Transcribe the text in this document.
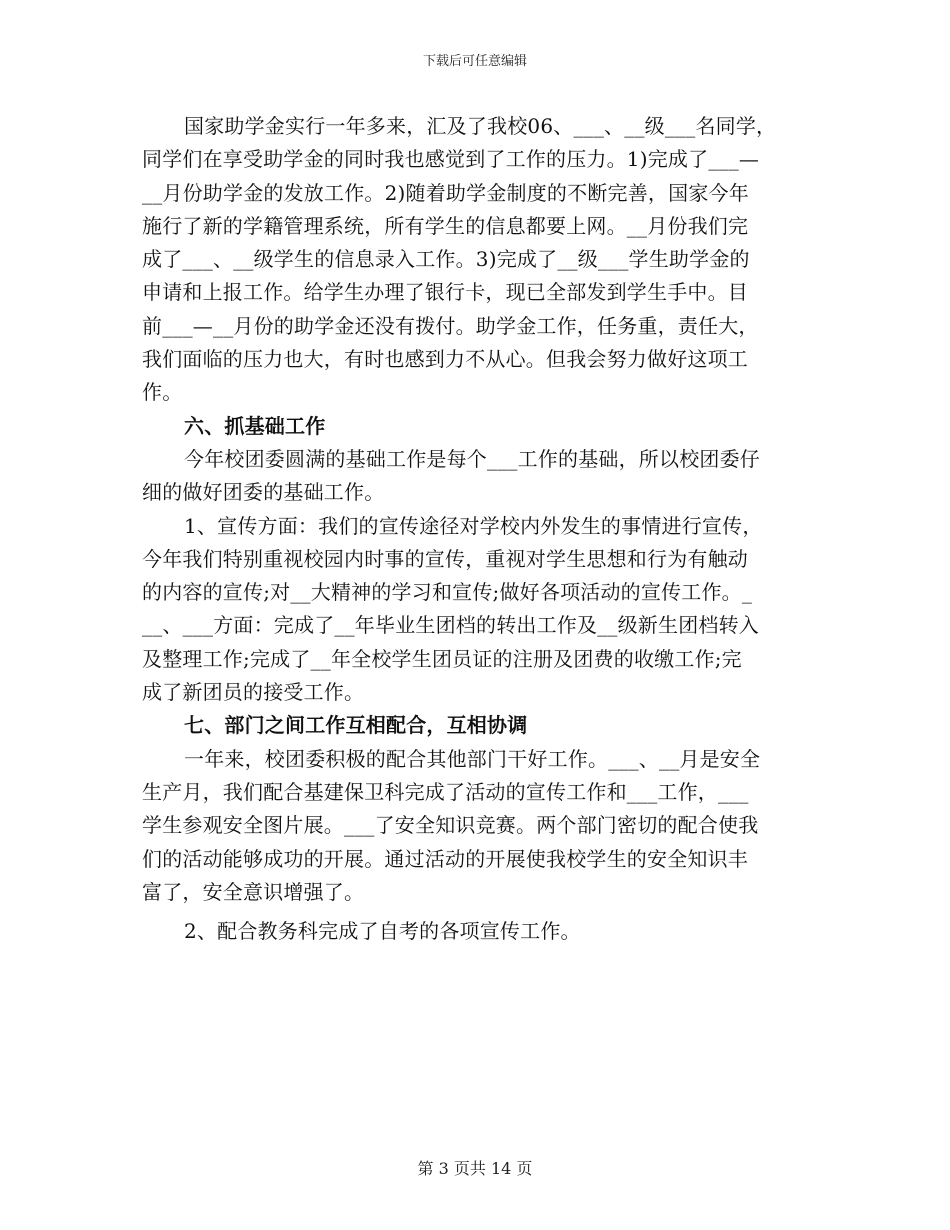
下载后可任意编辑
国家助学金实行一年多来，汇及了我校06、___、__级___名同学，
同学们在享受助学金的同时我也感觉到了工作的压力。1)完成了___—
__月份助学金的发放工作。2)随着助学金制度的不断完善，国家今年
施行了新的学籍管理系统，所有学生的信息都要上网。__月份我们完
成了___、__级学生的信息录入工作。3)完成了__级___学生助学金的
申请和上报工作。给学生办理了银行卡，现已全部发到学生手中。目
前___—__月份的助学金还没有拨付。助学金工作，任务重，责任大，
我们面临的压力也大，有时也感到力不从心。但我会努力做好这项工
作。
六、抓基础工作
今年校团委圆满的基础工作是每个___工作的基础，所以校团委仔
细的做好团委的基础工作。
1、宣传方面：我们的宣传途径对学校内外发生的事情进行宣传，
今年我们特别重视校园内时事的宣传，重视对学生思想和行为有触动
的内容的宣传;对__大精神的学习和宣传;做好各项活动的宣传工作。_
__、___方面：完成了__年毕业生团档的转出工作及__级新生团档转入
及整理工作;完成了__年全校学生团员证的注册及团费的收缴工作;完
成了新团员的接受工作。
七、部门之间工作互相配合，互相协调
一年来，校团委积极的配合其他部门干好工作。___、__月是安全
生产月，我们配合基建保卫科完成了活动的宣传工作和___工作，___
学生参观安全图片展。___了安全知识竞赛。两个部门密切的配合使我
们的活动能够成功的开展。通过活动的开展使我校学生的安全知识丰
富了，安全意识增强了。
2、配合教务科完成了自考的各项宣传工作。
第 3 页共 14 页
